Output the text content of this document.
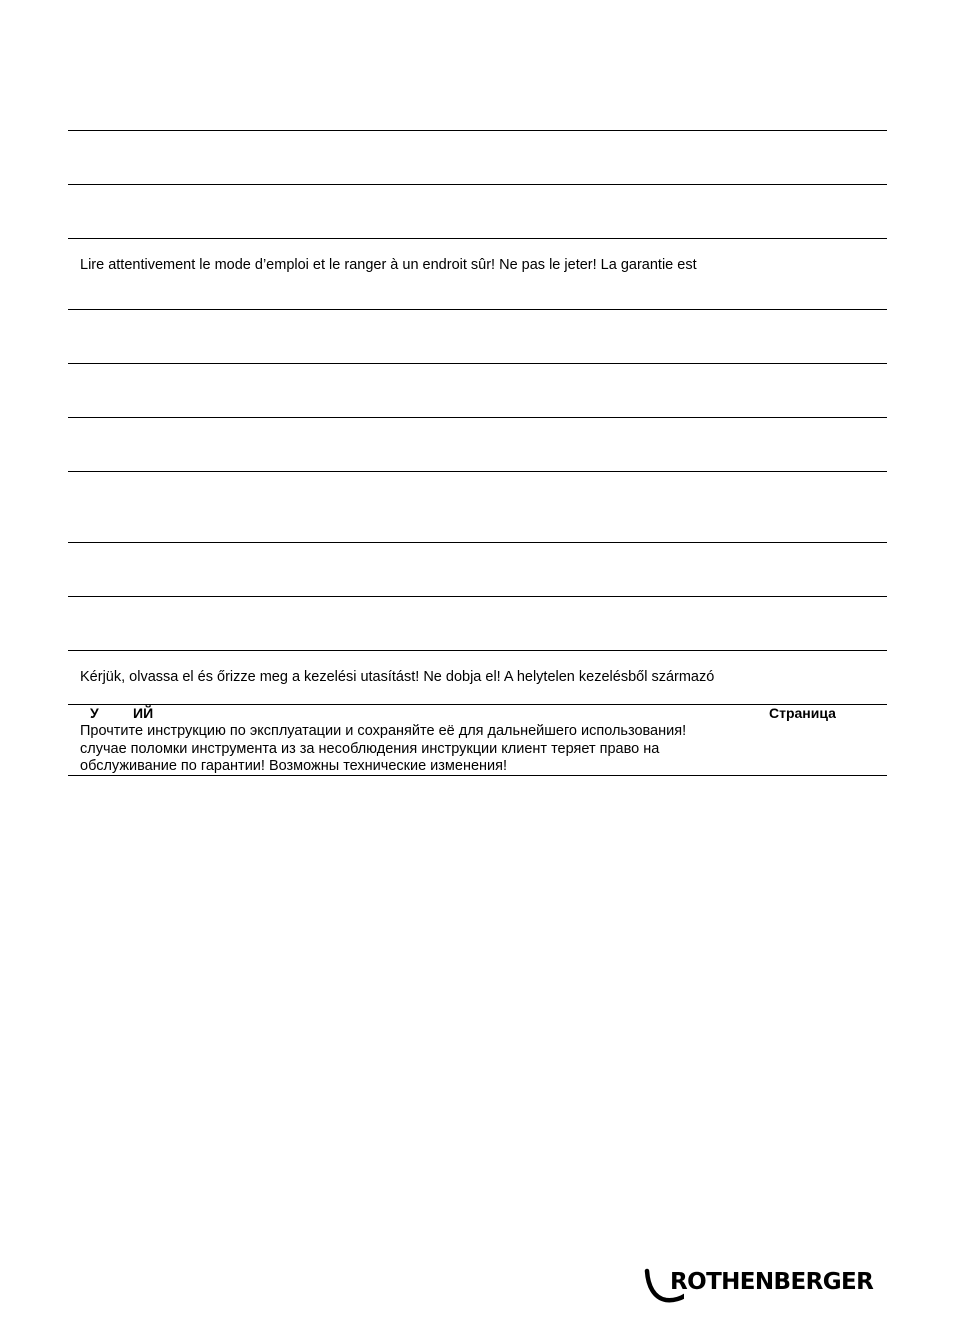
Lire attentivement le mode d’emploi et le ranger à un endroit sûr! Ne pas le jeter! La garantie est
Kérjük, olvassa el és őrizze meg a kezelési utasítást! Ne dobja el! A helytelen kezelésből származó
У ИЙ	Страница
Прочтите инструкцию по эксплуатации и сохраняйте её для дальнейшего использования!
случае поломки инструмента из за несоблюдения инструкции клиент теряет право на
обслуживание по гарантии! Возможны технические изменения!
ROTHENBERGER
